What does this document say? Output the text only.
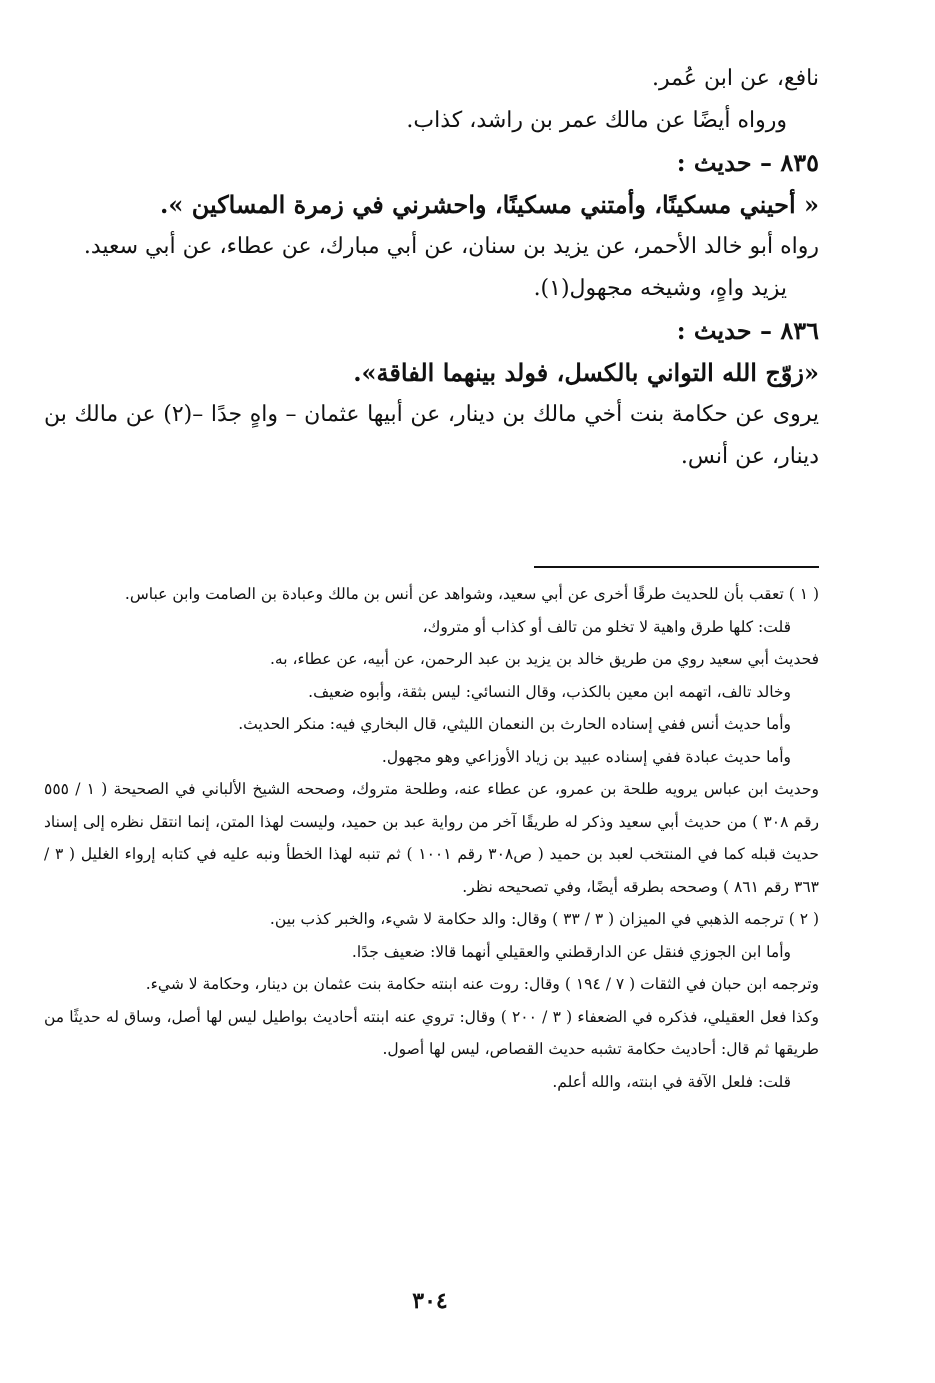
نافع، عن ابن عُمر.

ورواه أيضًا عن مالك عمر بن راشد، كذاب.

٨٣٥ – حديث :

« أحيني مسكينًا، وأمتني مسكينًا، واحشرني في زمرة المساكين ».

رواه أبو خالد الأحمر، عن يزيد بن سنان، عن أبي مبارك، عن عطاء، عن أبي سعيد.

يزيد واهٍ، وشيخه مجهول(١).

٨٣٦ – حديث :

«زوّج الله التواني بالكسل، فولد بينهما الفاقة».

يروى عن حكامة بنت أخي مالك بن دينار، عن أبيها عثمان – واهٍ جدًا –(٢) عن مالك بن دينار، عن أنس.

( ١ ) تعقب بأن للحديث طرقًا أخرى عن أبي سعيد، وشواهد عن أنس بن مالك وعبادة بن الصامت وابن عباس.

قلت: كلها طرق واهية لا تخلو من تالف أو كذاب أو متروك،

فحديث أبي سعيد روي من طريق خالد بن يزيد بن عبد الرحمن، عن أبيه، عن عطاء، به.

وخالد تالف، اتهمه ابن معين بالكذب، وقال النسائي: ليس بثقة، وأبوه ضعيف.

وأما حديث أنس ففي إسناده الحارث بن النعمان الليثي، قال البخاري فيه: منكر الحديث.

وأما حديث عبادة ففي إسناده عبيد بن زياد الأوزاعي وهو مجهول.

وحديث ابن عباس يرويه طلحة بن عمرو، عن عطاء عنه، وطلحة متروك، وصححه الشيخ الألباني في الصحيحة ( ١ / ٥٥٥ رقم ٣٠٨ ) من حديث أبي سعيد وذكر له طريقًا آخر من رواية عبد بن حميد، وليست لهذا المتن، إنما انتقل نظره إلى إسناد حديث قبله كما في المنتخب لعبد بن حميد ( ص٣٠٨ رقم ١٠٠١ ) ثم تنبه لهذا الخطأ ونبه عليه في كتابه إرواء الغليل ( ٣ / ٣٦٣ رقم ٨٦١ ) وصححه بطرقه أيضًا، وفي تصحيحه نظر.

( ٢ ) ترجمه الذهبي في الميزان ( ٣ / ٣٣ ) وقال: والد حكامة لا شيء، والخبر كذب بين.

وأما ابن الجوزي فنقل عن الدارقطني والعقيلي أنهما قالا: ضعيف جدًا.

وترجمه ابن حبان في الثقات ( ٧ / ١٩٤ ) وقال: روت عنه ابنته حكامة بنت عثمان بن دينار، وحكامة لا شيء.

وكذا فعل العقيلي، فذكره في الضعفاء ( ٣ / ٢٠٠ ) وقال: تروي عنه ابنته أحاديث بواطيل ليس لها أصل، وساق له حديثًا من طريقها ثم قال: أحاديث حكامة تشبه حديث القصاص، ليس لها أصول.

قلت: فلعل الآفة في ابنته، والله أعلم.

٣٠٤
